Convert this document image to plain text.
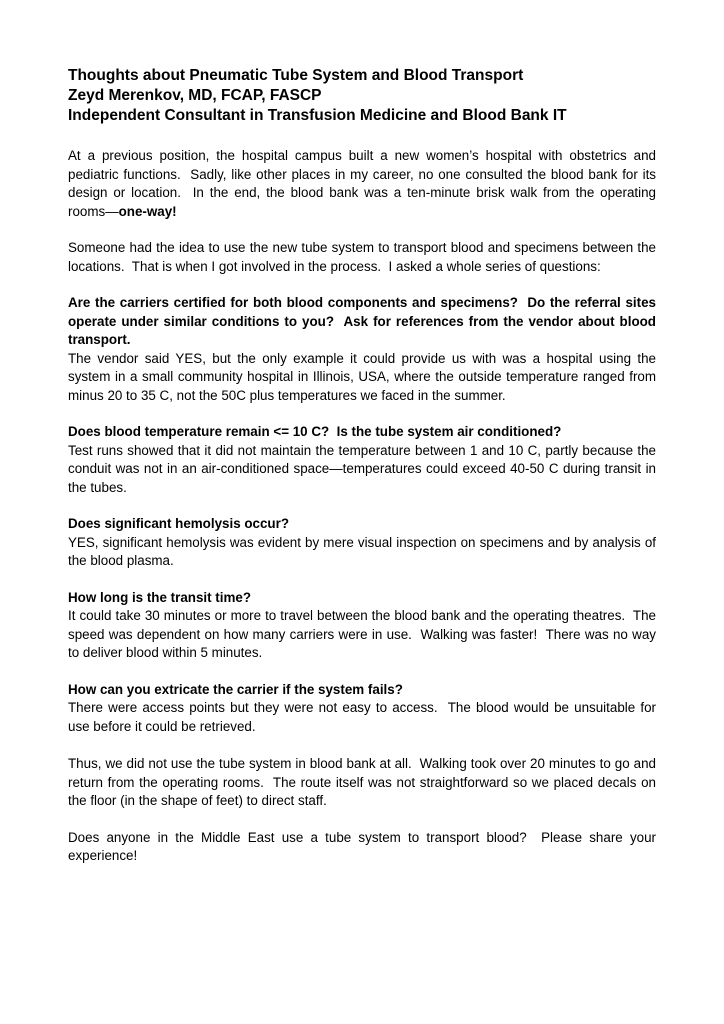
Thoughts about Pneumatic Tube System and Blood Transport
Zeyd Merenkov, MD, FCAP, FASCP
Independent Consultant in Transfusion Medicine and Blood Bank IT
At a previous position, the hospital campus built a new women’s hospital with obstetrics and pediatric functions.  Sadly, like other places in my career, no one consulted the blood bank for its design or location.  In the end, the blood bank was a ten-minute brisk walk from the operating rooms—one-way!
Someone had the idea to use the new tube system to transport blood and specimens between the locations.  That is when I got involved in the process.  I asked a whole series of questions:
Are the carriers certified for both blood components and specimens?  Do the referral sites operate under similar conditions to you?  Ask for references from the vendor about blood transport.
The vendor said YES, but the only example it could provide us with was a hospital using the system in a small community hospital in Illinois, USA, where the outside temperature ranged from minus 20 to 35 C, not the 50C plus temperatures we faced in the summer.
Does blood temperature remain <= 10 C?  Is the tube system air conditioned?
Test runs showed that it did not maintain the temperature between 1 and 10 C, partly because the conduit was not in an air-conditioned space—temperatures could exceed 40-50 C during transit in the tubes.
Does significant hemolysis occur?
YES, significant hemolysis was evident by mere visual inspection on specimens and by analysis of the blood plasma.
How long is the transit time?
It could take 30 minutes or more to travel between the blood bank and the operating theatres.  The speed was dependent on how many carriers were in use.  Walking was faster!  There was no way to deliver blood within 5 minutes.
How can you extricate the carrier if the system fails?
There were access points but they were not easy to access.  The blood would be unsuitable for use before it could be retrieved.
Thus, we did not use the tube system in blood bank at all.  Walking took over 20 minutes to go and return from the operating rooms.  The route itself was not straightforward so we placed decals on the floor (in the shape of feet) to direct staff.
Does anyone in the Middle East use a tube system to transport blood?  Please share your experience!
